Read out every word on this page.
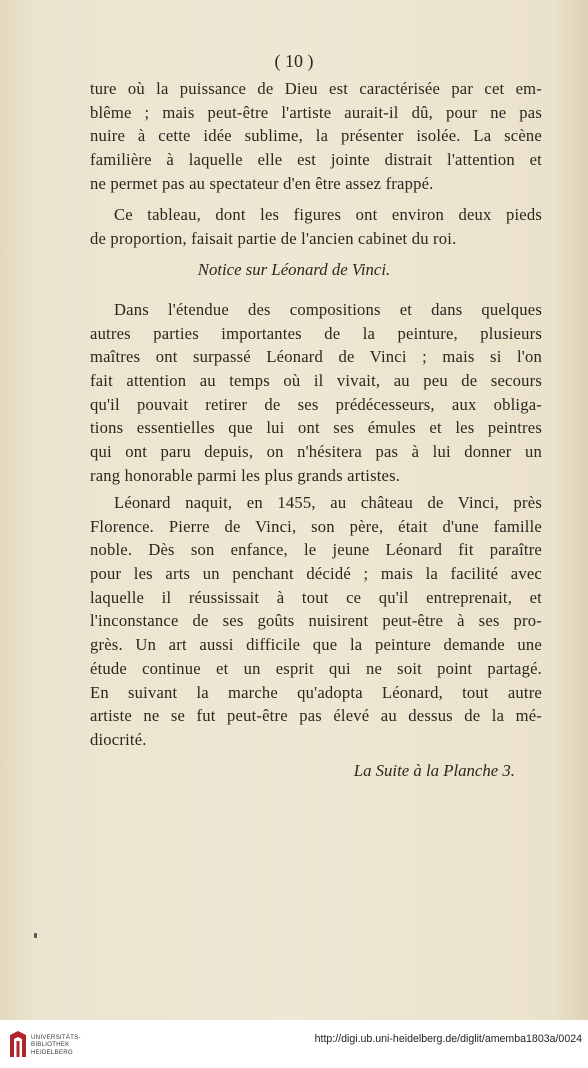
( 10 )
ture où la puissance de Dieu est caractérisée par cet em-
blême ; mais peut-être l'artiste aurait-il dû, pour ne pas
nuire à cette idée sublime, la présenter isolée. La scène
familière à laquelle elle est jointe distrait l'attention et
ne permet pas au spectateur d'en être assez frappé.
Ce tableau, dont les figures ont environ deux pieds
de proportion, faisait partie de l'ancien cabinet du roi.
Notice sur Léonard de Vinci.
Dans l'étendue des compositions et dans quelques
autres parties importantes de la peinture, plusieurs
maîtres ont surpassé Léonard de Vinci ; mais si l'on
fait attention au temps où il vivait, au peu de secours
qu'il pouvait retirer de ses prédécesseurs, aux obliga-
tions essentielles que lui ont ses émules et les peintres
qui ont paru depuis, on n'hésitera pas à lui donner un
rang honorable parmi les plus grands artistes.
Léonard naquit, en 1455, au château de Vinci, près
Florence. Pierre de Vinci, son père, était d'une famille
noble. Dès son enfance, le jeune Léonard fit paraître
pour les arts un penchant décidé ; mais la facilité avec
laquelle il réussissait à tout ce qu'il entreprenait, et
l'inconstance de ses goûts nuisirent peut-être à ses pro-
grès. Un art aussi difficile que la peinture demande une
étude continue et un esprit qui ne soit point partagé.
En suivant la marche qu'adopta Léonard, tout autre
artiste ne se fut peut-être pas élevé au dessus de la mé-
diocrité.
La Suite à la Planche 3.
UNIVERSITÄTS-
BIBLIOTHEK
HEIDELBERG
http://digi.ub.uni-heidelberg.de/diglit/amemba1803a/0024
